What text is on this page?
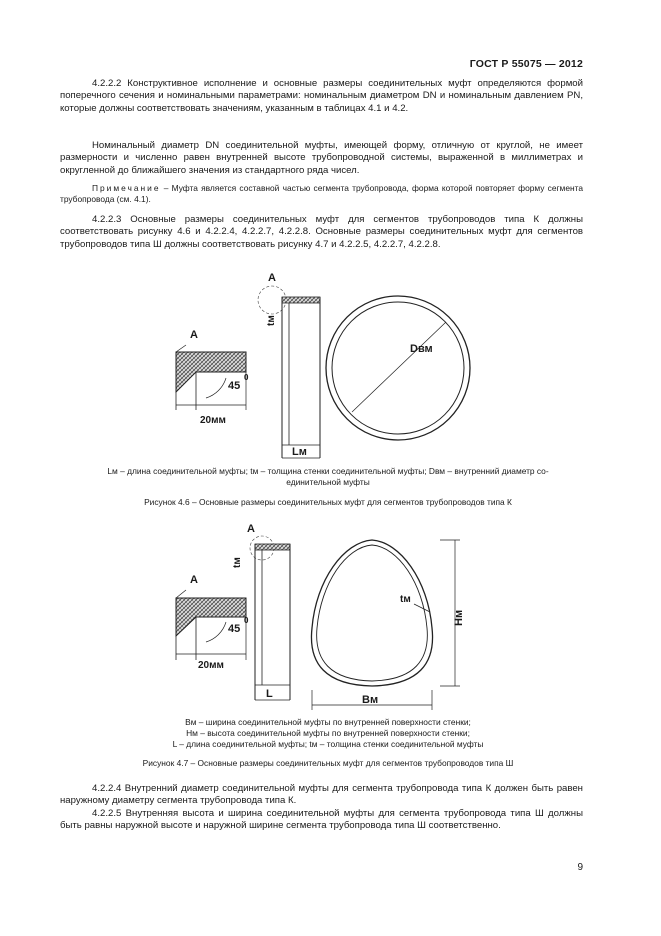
ГОСТ Р 55075 — 2012
4.2.2.2 Конструктивное исполнение и основные размеры соединительных муфт определяются формой поперечного сечения и номинальными параметрами: номинальным диаметром DN и номинальным давлением PN, которые должны соответствовать значениям, указанным в таблицах 4.1 и 4.2.
Номинальный диаметр DN соединительной муфты, имеющей форму, отличную от круглой, не имеет размерности и численно равен внутренней высоте трубопроводной системы, выраженной в миллиметрах и округленной до ближайшего значения из стандартного ряда чисел.
Примечание – Муфта является составной частью сегмента трубопровода, форма которой повторяет форму сегмента трубопровода (см. 4.1).
4.2.2.3 Основные размеры соединительных муфт для сегментов трубопроводов типа К должны соответствовать рисунку 4.6 и 4.2.2.4, 4.2.2.7, 4.2.2.8. Основные размеры соединительных муфт для сегментов трубопроводов типа Ш должны соответствовать рисунку 4.7 и 4.2.2.5, 4.2.2.7, 4.2.2.8.
A
45
0
20мм
A
tм
Lм
Dвм
Lм – длина соединительной муфты; tм – толщина стенки соединительной муфты; Dвм – внутренний диаметр со-
единительной муфты
Рисунок 4.6 – Основные размеры соединительных муфт для сегментов трубопроводов типа К
A
45
0
20мм
A
tм
L
tм
Hм
Bм
Bм – ширина соединительной муфты по внутренней поверхности стенки;
Hм – высота соединительной муфты по внутренней поверхности стенки;
L – длина соединительной муфты; tм – толщина стенки соединительной муфты
Рисунок 4.7 – Основные размеры соединительных муфт для сегментов трубопроводов типа Ш
4.2.2.4 Внутренний диаметр соединительной муфты для сегмента трубопровода типа К должен быть равен наружному диаметру сегмента трубопровода типа К.
4.2.2.5 Внутренняя высота и ширина соединительной муфты для сегмента трубопровода типа Ш должны быть равны наружной высоте и наружной ширине сегмента трубопровода типа Ш соответственно.
9
